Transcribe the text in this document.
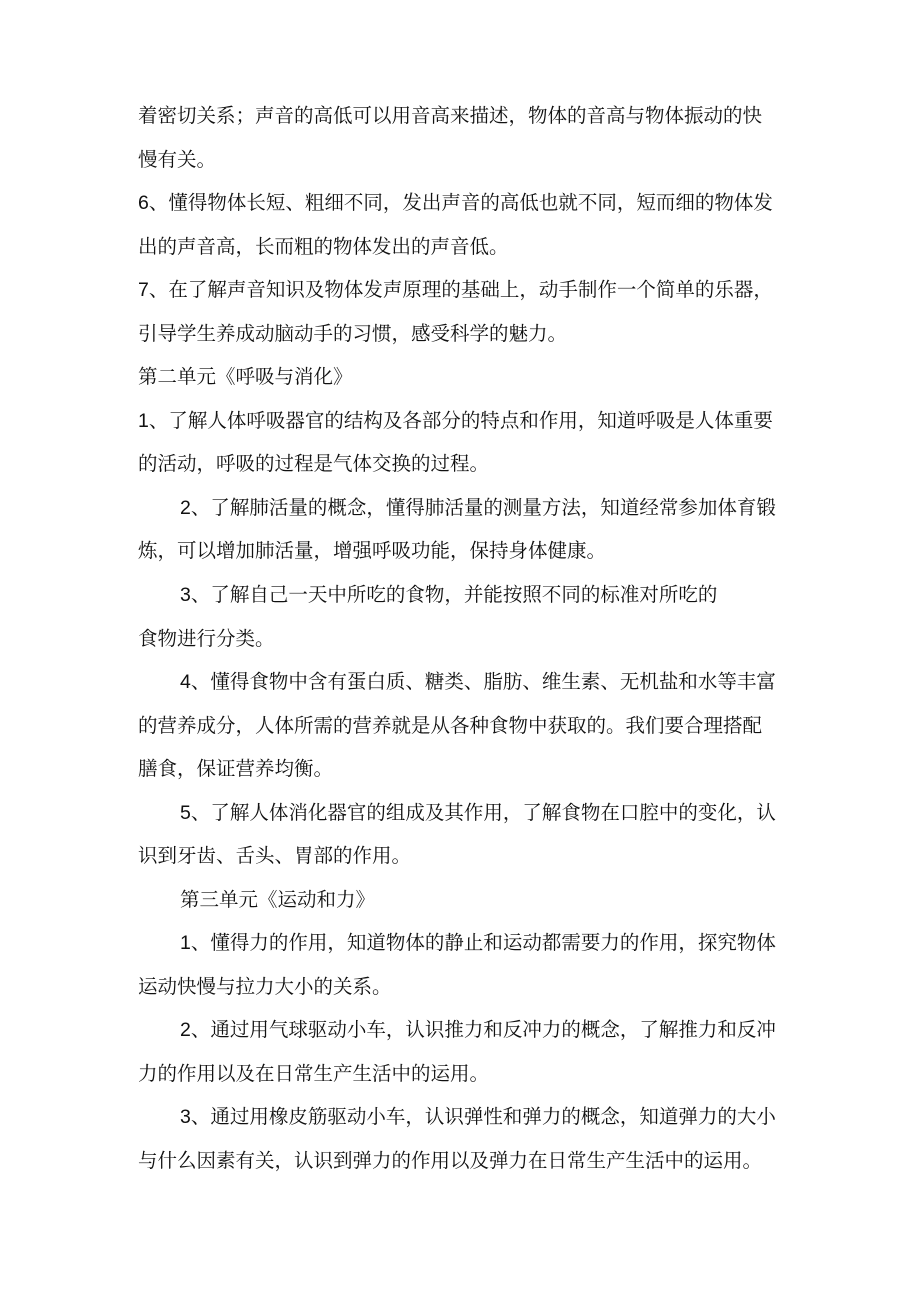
着密切关系；声音的高低可以用音高来描述，物体的音高与物体振动的快
慢有关。
6、懂得物体长短、粗细不同，发出声音的高低也就不同，短而细的物体发
出的声音高，长而粗的物体发出的声音低。
7、在了解声音知识及物体发声原理的基础上，动手制作一个简单的乐器，
引导学生养成动脑动手的习惯，感受科学的魅力。
第二单元《呼吸与消化》
1、了解人体呼吸器官的结构及各部分的特点和作用，知道呼吸是人体重要
的活动，呼吸的过程是气体交换的过程。
2、了解肺活量的概念，懂得肺活量的测量方法，知道经常参加体育锻
炼，可以增加肺活量，增强呼吸功能，保持身体健康。
3、了解自己一天中所吃的食物，并能按照不同的标准对所吃的
食物进行分类。
4、懂得食物中含有蛋白质、糖类、脂肪、维生素、无机盐和水等丰富
的营养成分，人体所需的营养就是从各种食物中获取的。我们要合理搭配
膳食，保证营养均衡。
5、了解人体消化器官的组成及其作用，了解食物在口腔中的变化，认
识到牙齿、舌头、胃部的作用。
第三单元《运动和力》
1、懂得力的作用，知道物体的静止和运动都需要力的作用，探究物体
运动快慢与拉力大小的关系。
2、通过用气球驱动小车，认识推力和反冲力的概念，了解推力和反冲
力的作用以及在日常生产生活中的运用。
3、通过用橡皮筋驱动小车，认识弹性和弹力的概念，知道弹力的大小
与什么因素有关，认识到弹力的作用以及弹力在日常生产生活中的运用。
